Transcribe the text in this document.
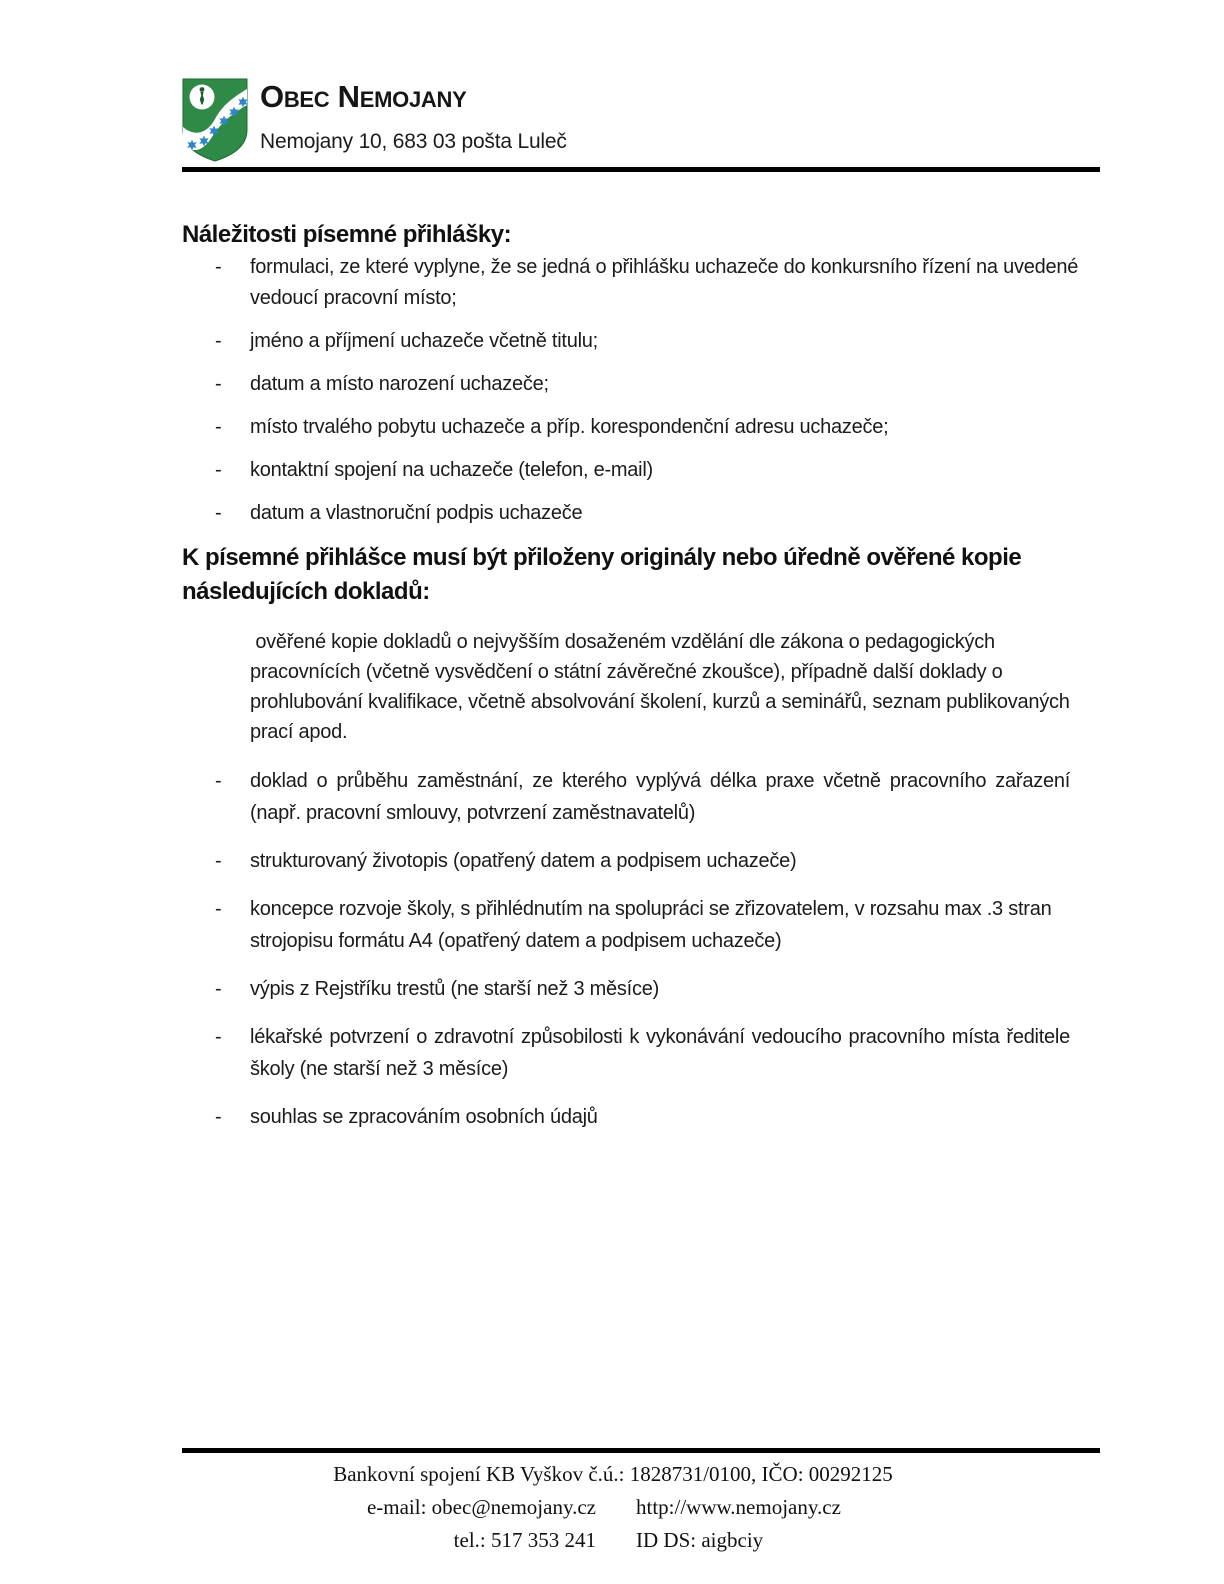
Obec Nemojany
Nemojany 10, 683 03 pošta Luleč
Náležitosti písemné přihlášky:
-	formulaci, ze které vyplyne, že se jedná o přihlášku uchazeče do konkursního řízení na uvedené vedoucí pracovní místo;
-	jméno a příjmení uchazeče včetně titulu;
-	datum a místo narození uchazeče;
-	místo trvalého pobytu uchazeče a příp. korespondenční adresu uchazeče;
-	kontaktní spojení na uchazeče (telefon, e-mail)
-	datum a vlastnoruční podpis uchazeče
K písemné přihlášce musí být přiloženy originály nebo úředně ověřené kopie následujících dokladů:

ověřené kopie dokladů o nejvyšším dosaženém vzdělání dle zákona o pedagogických pracovnících (včetně vysvědčení o státní závěrečné zkoušce), případně další doklady o prohlubování kvalifikace, včetně absolvování školení, kurzů a seminářů, seznam publikovaných prací apod.

-	doklad o průběhu zaměstnání, ze kterého vyplývá délka praxe včetně pracovního zařazení (např. pracovní smlouvy, potvrzení zaměstnavatelů)
-	strukturovaný životopis (opatřený datem a podpisem uchazeče)
-	koncepce rozvoje školy, s přihlédnutím na spolupráci se zřizovatelem, v rozsahu max .3 stran strojopisu formátu A4 (opatřený datem a podpisem uchazeče)
-	výpis z Rejstříku trestů (ne starší než 3 měsíce)
-	lékařské potvrzení o zdravotní způsobilosti k vykonávání vedoucího pracovního místa ředitele školy (ne starší než 3 měsíce)
-	souhlas se zpracováním osobních údajů
Bankovní spojení KB Vyškov č.ú.: 1828731/0100, IČO: 00292125
e-mail: obec@nemojany.cz http://www.nemojany.cz
tel.: 517 353 241 ID DS: aigbciy
